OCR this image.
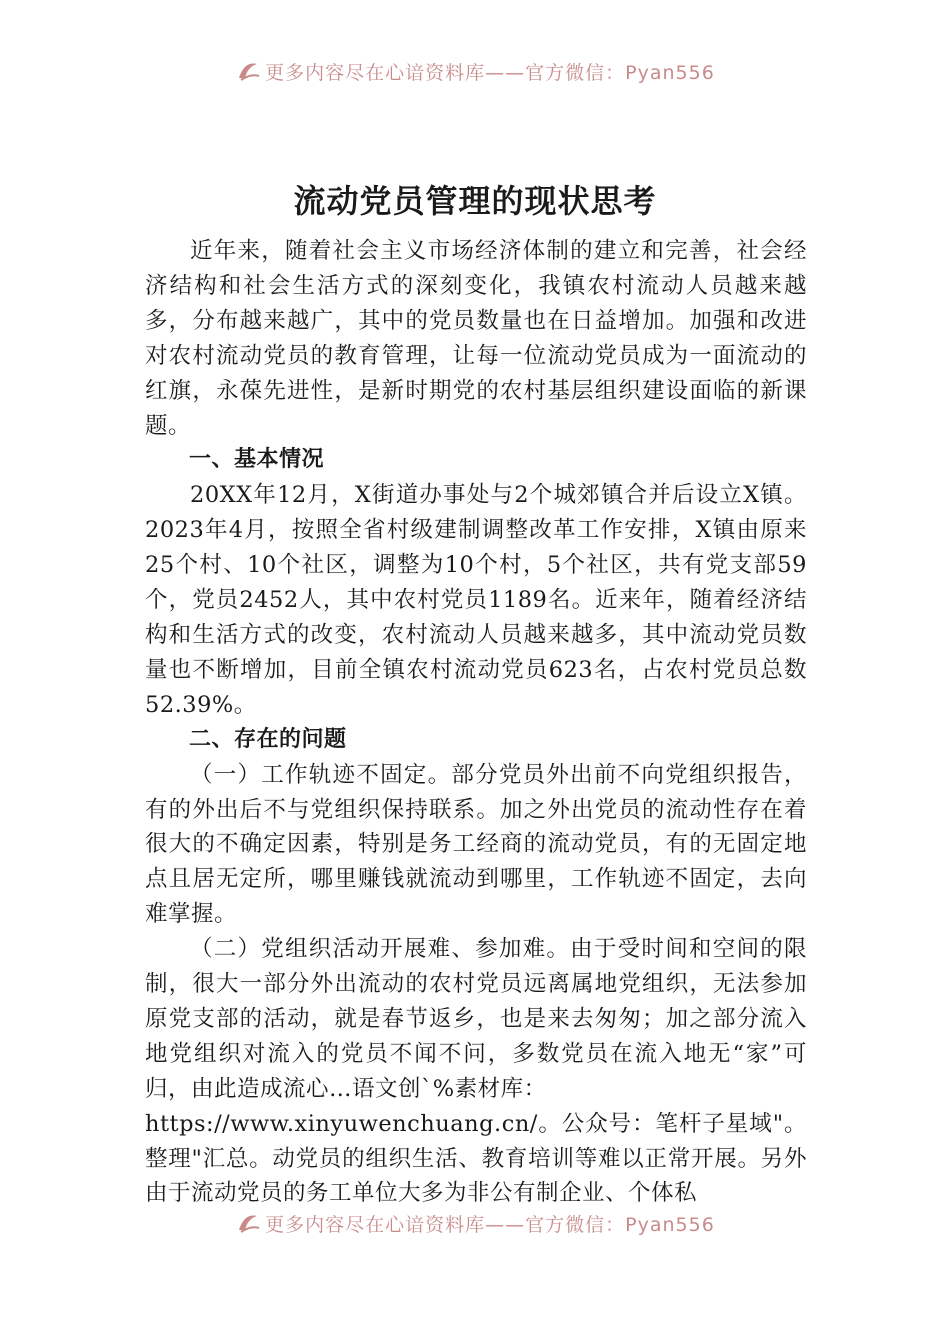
更多内容尽在心谙资料库——官方微信：Pyan556
流动党员管理的现状思考

近年来，随着社会主义市场经济体制的建立和完善，社会经济结构和社会生活方式的深刻变化，我镇农村流动人员越来越多，分布越来越广，其中的党员数量也在日益增加。加强和改进对农村流动党员的教育管理，让每一位流动党员成为一面流动的红旗，永葆先进性，是新时期党的农村基层组织建设面临的新课题。

一、基本情况

20XX年12月，X街道办事处与2个城郊镇合并后设立X镇。2023年4月，按照全省村级建制调整改革工作安排，X镇由原来25个村、10个社区，调整为10个村，5个社区，共有党支部59个，党员2452人，其中农村党员1189名。近来年，随着经济结构和生活方式的改变，农村流动人员越来越多，其中流动党员数量也不断增加，目前全镇农村流动党员623名，占农村党员总数52.39%。

二、存在的问题

（一）工作轨迹不固定。部分党员外出前不向党组织报告，有的外出后不与党组织保持联系。加之外出党员的流动性存在着很大的不确定因素，特别是务工经商的流动党员，有的无固定地点且居无定所，哪里赚钱就流动到哪里，工作轨迹不固定，去向难掌握。

（二）党组织活动开展难、参加难。由于受时间和空间的限制，很大一部分外出流动的农村党员远离属地党组织，无法参加原党支部的活动，就是春节返乡，也是来去匆匆；加之部分流入地党组织对流入的党员不闻不问，多数党员在流入地无“家”可归，由此造成流心…语文创`%素材库：

https://www.xinyuwenchuang.cn/。公众号：笔杆子星域"。整理"汇总。动党员的组织生活、教育培训等难以正常开展。另外由于流动党员的务工单位大多为非公有制企业、个体私

更多内容尽在心谙资料库——官方微信：Pyan556
